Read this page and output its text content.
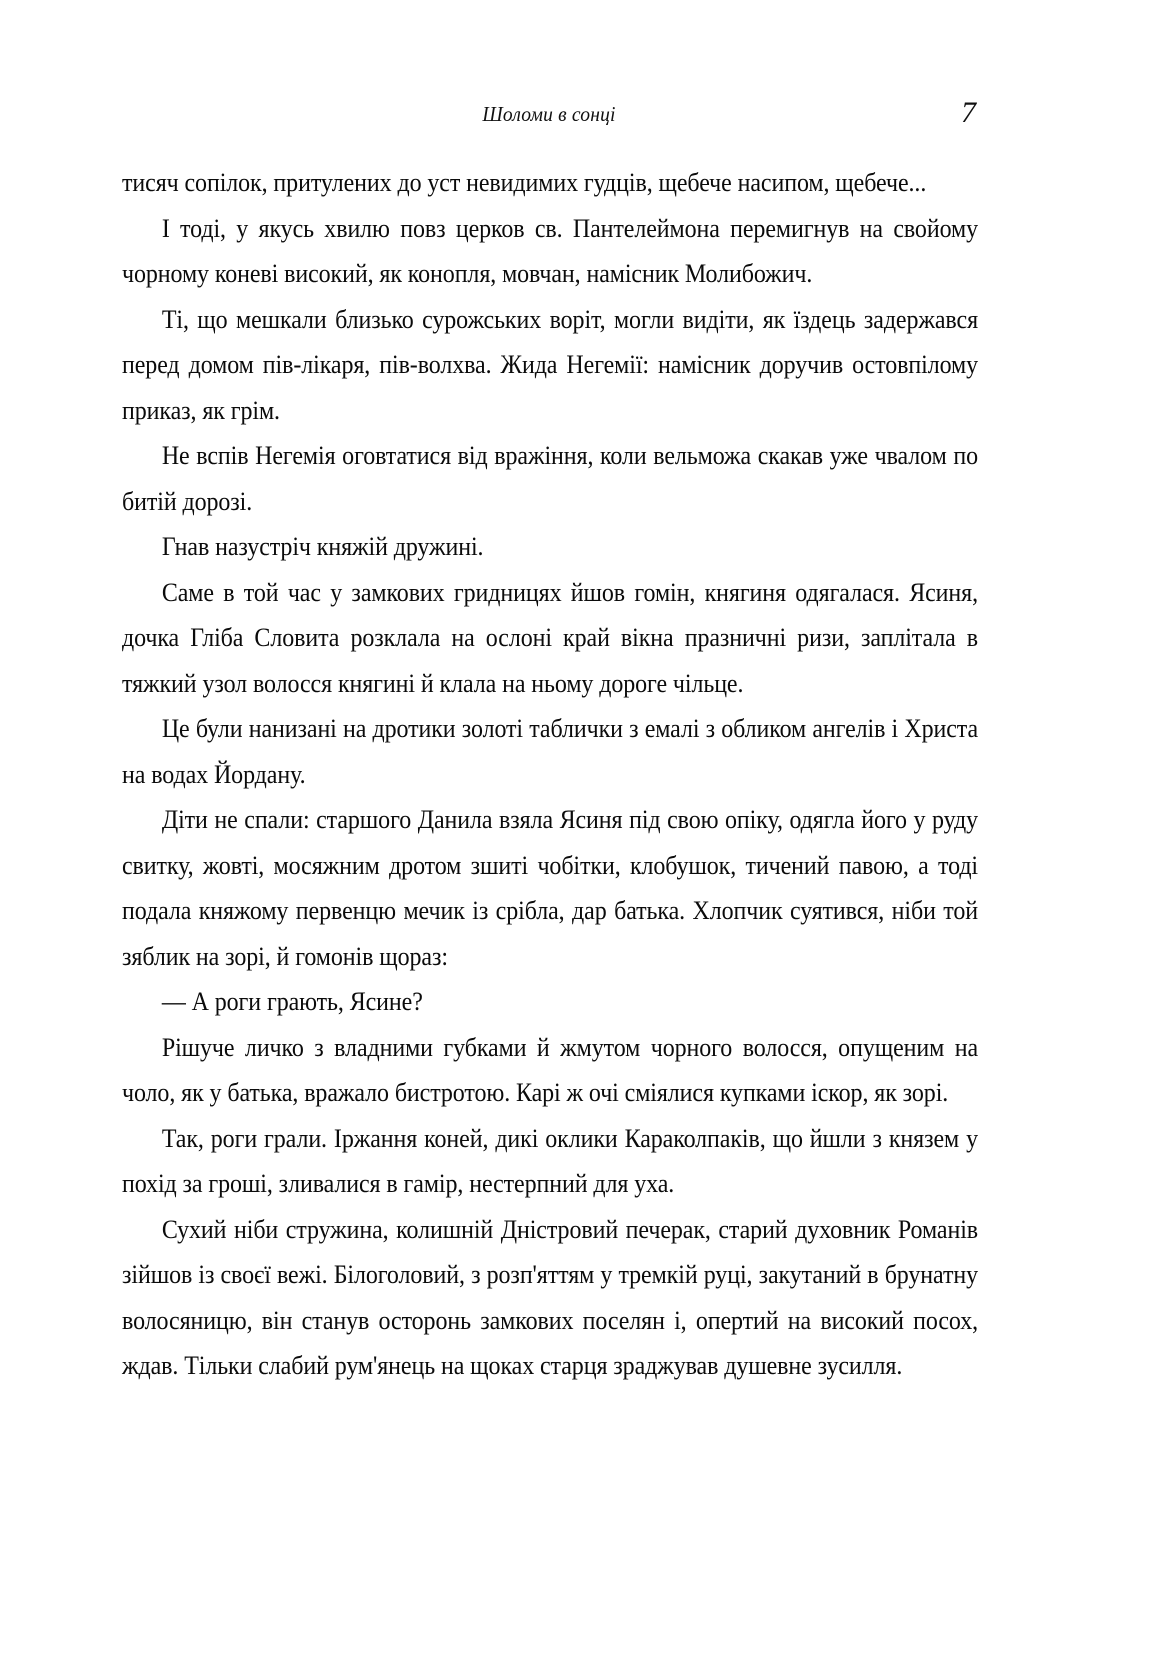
Шоломи в сонці	7

тисяч сопілок, притулених до уст невидимих гудців, щебече насипом, щебече...

І тоді, у якусь хвилю повз церков св. Пантелеймона перемигнув на свойому чорному коневі високий, як конопля, мовчан, намісник Молибожич.

Ті, що мешкали близько сурожських воріт, могли видіти, як їздець задержався перед домом пів-лікаря, пів-волхва. Жида Негемії: намісник доручив остовпілому приказ, як грім.

Не вспів Негемія оговтатися від вражіння, коли вельможа скакав уже чвалом по битій дорозі.

Гнав назустріч княжій дружині.

Саме в той час у замкових гридницях йшов гомін, княгиня одягалася. Ясиня, дочка Гліба Словита розклала на ослоні край вікна празничні ризи, заплітала в тяжкий узол волосся княгині й клала на ньому дороге чільце.

Це були нанизані на дротики золоті таблички з емалі з обликом ангелів і Христа на водах Йордану.

Діти не спали: старшого Данила взяла Ясиня під свою опіку, одягла його у руду свитку, жовті, мосяжним дротом зшиті чобітки, клобушок, тичений павою, а тоді подала княжому первенцю мечик із срібла, дар батька. Хлопчик суятився, ніби той зяблик на зорі, й гомонів щораз:

— А роги грають, Ясине?

Рішуче личко з владними губками й жмутом чорного волосся, опущеним на чоло, як у батька, вражало бистротою. Карі ж очі сміялися купками іскор, як зорі.

Так, роги грали. Іржання коней, дикі оклики Караколпаків, що йшли з князем у похід за гроші, зливалися в гамір, нестерпний для уха.

Сухий ніби стружина, колишній Дністровий печерак, старий духовник Романів зійшов із своєї вежі. Білоголовий, з розп'яттям у тремкій руці, закутаний в брунатну волосяницю, він станув осторонь замкових поселян і, опертий на високий посох, ждав. Тільки слабий рум'янець на щоках старця зраджував душевне зусилля.
